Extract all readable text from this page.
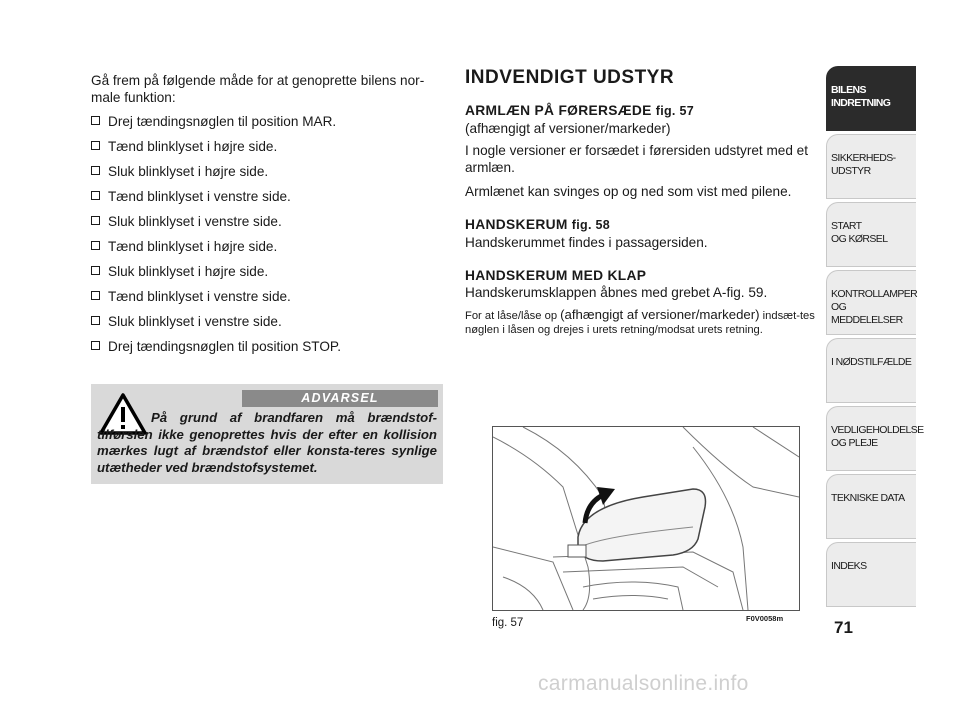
Gå frem på følgende måde for at genoprette bilens nor-male funktion:

Drej tændingsnøglen til position MAR.
Tænd blinklyset i højre side.
Sluk blinklyset i højre side.
Tænd blinklyset i venstre side.
Sluk blinklyset i venstre side.
Tænd blinklyset i højre side.
Sluk blinklyset i højre side.
Tænd blinklyset i venstre side.
Sluk blinklyset i venstre side.
Drej tændingsnøglen til position STOP.
ADVARSEL
På grund af brandfaren må brændstof-tilførslen ikke genoprettes hvis der efter en kollision mærkes lugt af brændstof eller konsta-teres synlige utætheder ved brændstofsystemet.
INDVENDIGT UDSTYR
ARMLÆN PÅ FØRERSÆDE fig. 57

(afhængigt af versioner/markeder)

I nogle versioner er forsædet i førersiden udstyret med et armlæn.

Armlænet kan svinges op og ned som vist med pilene.

HANDSKERUM fig. 58

Handskerummet findes i passagersiden.

HANDSKERUM MED KLAP

Handskerumsklappen åbnes med grebet A-fig. 59.

For at låse/låse op (afhængigt af versioner/markeder) indsæt-tes nøglen i låsen og drejes i urets retning/modsat urets retning.

fig. 57	F0V0058m
BILENS
INDRETNING
SIKKERHEDS-
UDSTYR
START
OG KØRSEL
KONTROLLAMPER
OG MEDDELELSER
I NØDSTILFÆLDE
VEDLIGEHOLDELSE
OG PLEJE
TEKNISKE DATA
INDEKS
71
carmanualsonline.info
